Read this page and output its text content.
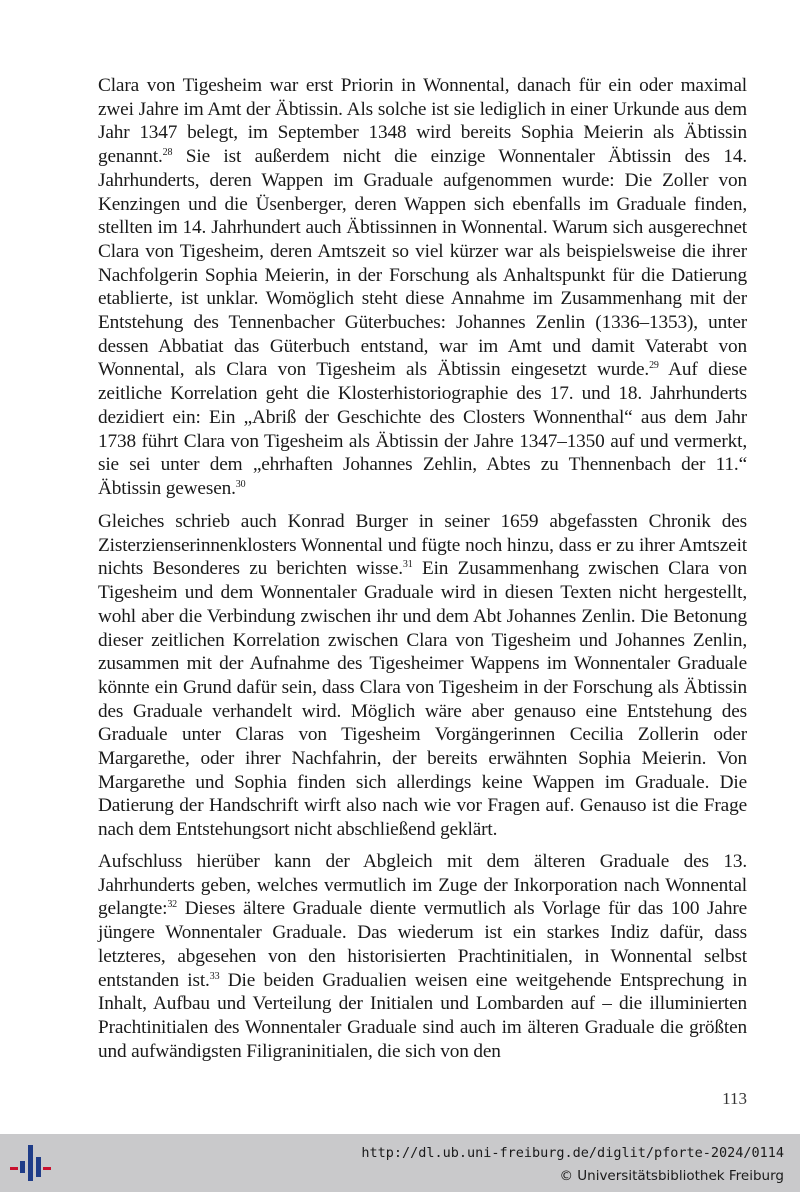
Clara von Tigesheim war erst Priorin in Wonnental, danach für ein oder maximal zwei Jahre im Amt der Äbtissin. Als solche ist sie lediglich in einer Urkunde aus dem Jahr 1347 belegt, im September 1348 wird bereits Sophia Meierin als Äbtissin genannt.$^{28}$ Sie ist außerdem nicht die einzige Wonnentaler Äbtissin des 14. Jahrhunderts, deren Wappen im Graduale aufgenommen wurde: Die Zoller von Kenzingen und die Üsenberger, deren Wappen sich ebenfalls im Graduale finden, stellten im 14. Jahrhundert auch Äbtissinnen in Wonnental. Warum sich ausgerechnet Clara von Tigesheim, deren Amtszeit so viel kürzer war als beispielsweise die ihrer Nachfolgerin Sophia Meierin, in der Forschung als Anhaltspunkt für die Datierung etablierte, ist unklar. Womöglich steht diese Annahme im Zusammenhang mit der Entstehung des Tennenbacher Güterbuches: Johannes Zenlin (1336–1353), unter dessen Abbatiat das Güterbuch entstand, war im Amt und damit Vaterabt von Wonnental, als Clara von Tigesheim als Äbtissin eingesetzt wurde.$^{29}$ Auf diese zeitliche Korrelation geht die Klosterhistoriographie des 17. und 18. Jahrhunderts dezidiert ein: Ein „Abriß der Geschichte des Closters Wonnenthal“ aus dem Jahr 1738 führt Clara von Tigesheim als Äbtissin der Jahre 1347–1350 auf und vermerkt, sie sei unter dem „ehrhaften Johannes Zehlin, Abtes zu Thennenbach der 11.“ Äbtissin gewesen.$^{30}$

Gleiches schrieb auch Konrad Burger in seiner 1659 abgefassten Chronik des Zisterzienserinnenklosters Wonnental und fügte noch hinzu, dass er zu ihrer Amtszeit nichts Besonderes zu berichten wisse.$^{31}$ Ein Zusammenhang zwischen Clara von Tigesheim und dem Wonnentaler Graduale wird in diesen Texten nicht hergestellt, wohl aber die Verbindung zwischen ihr und dem Abt Johannes Zenlin. Die Betonung dieser zeitlichen Korrelation zwischen Clara von Tigesheim und Johannes Zenlin, zusammen mit der Aufnahme des Tigesheimer Wappens im Wonnentaler Graduale könnte ein Grund dafür sein, dass Clara von Tigesheim in der Forschung als Äbtissin des Graduale verhandelt wird. Möglich wäre aber genauso eine Entstehung des Graduale unter Claras von Tigesheim Vorgängerinnen Cecilia Zollerin oder Margarethe, oder ihrer Nachfahrin, der bereits erwähnten Sophia Meierin. Von Margarethe und Sophia finden sich allerdings keine Wappen im Graduale. Die Datierung der Handschrift wirft also nach wie vor Fragen auf. Genauso ist die Frage nach dem Entstehungsort nicht abschließend geklärt.

Aufschluss hierüber kann der Abgleich mit dem älteren Graduale des 13. Jahrhunderts geben, welches vermutlich im Zuge der Inkorporation nach Wonnental gelangte:$^{32}$ Dieses ältere Graduale diente vermutlich als Vorlage für das 100 Jahre jüngere Wonnentaler Graduale. Das wiederum ist ein starkes Indiz dafür, dass letzteres, abgesehen von den historisierten Prachtinitialen, in Wonnental selbst entstanden ist.$^{33}$ Die beiden Gradualien weisen eine weitgehende Entsprechung in Inhalt, Aufbau und Verteilung der Initialen und Lombarden auf – die illuminierten Prachtinitialen des Wonnentaler Graduale sind auch im älteren Graduale die größten und aufwändigsten Filigraninitialen, die sich von den

113
http://dl.ub.uni-freiburg.de/diglit/pforte-2024/0114
© Universitätsbibliothek Freiburg
